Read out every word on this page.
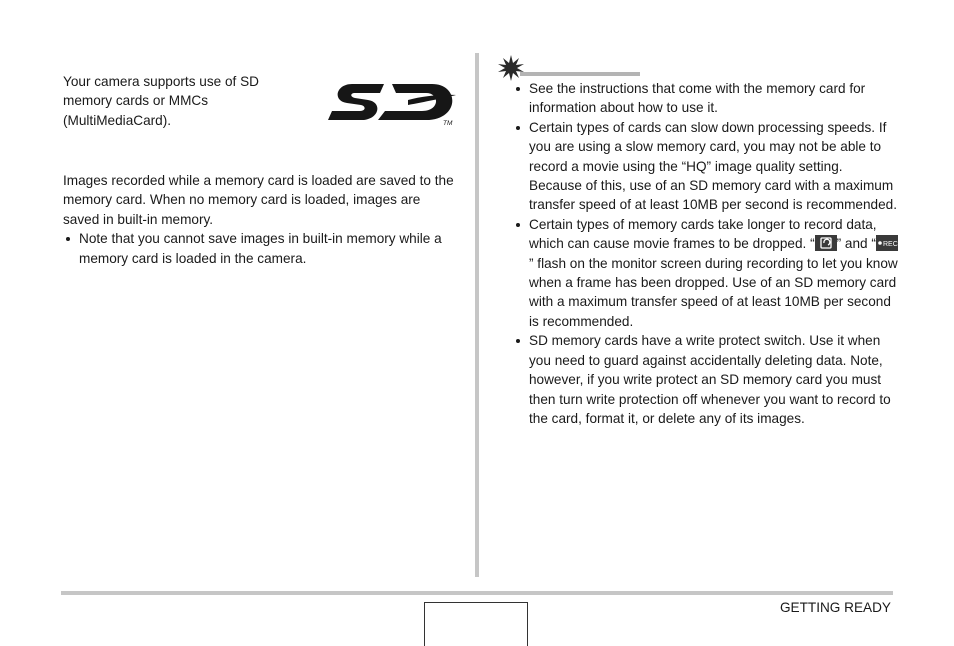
Your camera supports use of SD memory cards or MMCs (MultiMediaCard).	TM

Images recorded while a memory card is loaded are saved to the memory card. When no memory card is loaded, images are saved in built-in memory.

Note that you cannot save images in built-in memory while a memory card is loaded in the camera.
See the instructions that come with the memory card for information about how to use it.
Certain types of cards can slow down processing speeds. If you are using a slow memory card, you may not be able to record a movie using the “HQ” image quality setting. Because of this, use of an SD memory card with a maximum transfer speed of at least 10MB per second is recommended.
Certain types of memory cards take longer to record data, which can cause movie frames to be dropped. “ ” and “ REC
” flash on the monitor screen during recording to let you know when a frame has been dropped. Use of an SD memory card with a maximum transfer speed of at least 10MB per second is recommended.
SD memory cards have a write protect switch. Use it when you need to guard against accidentally deleting data. Note, however, if you write protect an SD memory card you must then turn write protection off whenever you want to record to the card, format it, or delete any of its images.
GETTING READY
